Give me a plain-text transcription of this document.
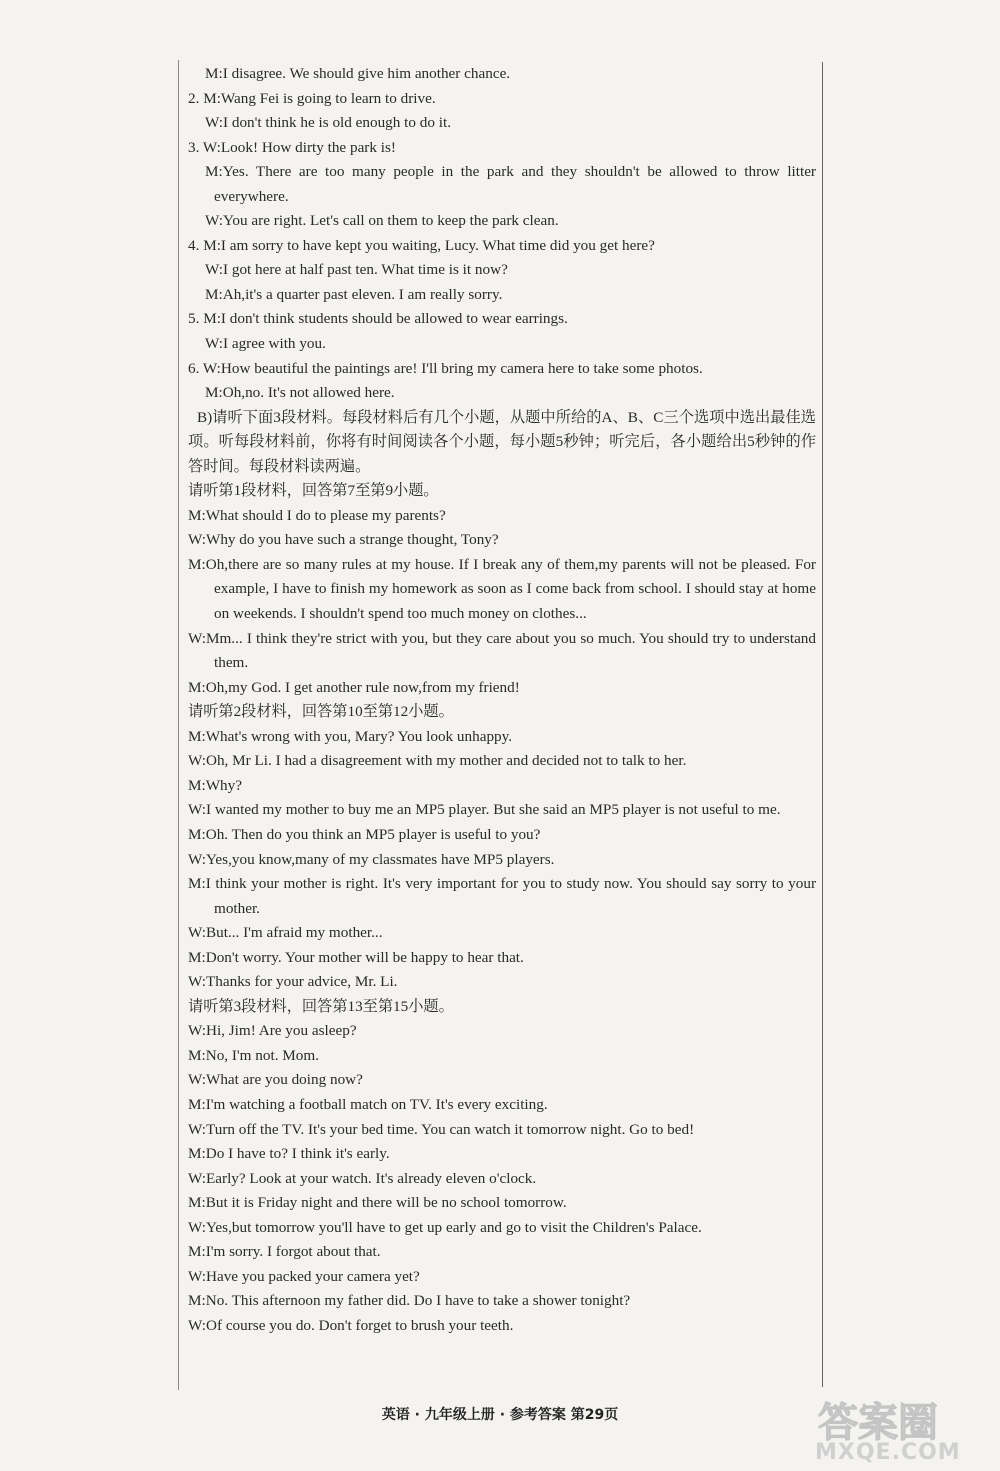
M:I disagree. We should give him another chance.
2. M:Wang Fei is going to learn to drive.
W:I don't think he is old enough to do it.
3. W:Look! How dirty the park is!
M:Yes. There are too many people in the park and they shouldn't be allowed to throw litter everywhere.
W:You are right. Let's call on them to keep the park clean.
4. M:I am sorry to have kept you waiting, Lucy. What time did you get here?
W:I got here at half past ten. What time is it now?
M:Ah,it's a quarter past eleven. I am really sorry.
5. M:I don't think students should be allowed to wear earrings.
W:I agree with you.
6. W:How beautiful the paintings are! I'll bring my camera here to take some photos.
M:Oh,no. It's not allowed here.
B)请听下面3段材料。每段材料后有几个小题，从题中所给的A、B、C三个选项中选出最佳选项。听每段材料前，你将有时间阅读各个小题，每小题5秒钟；听完后，各小题给出5秒钟的作答时间。每段材料读两遍。
请听第1段材料，回答第7至第9小题。
M:What should I do to please my parents?
W:Why do you have such a strange thought, Tony?
M:Oh,there are so many rules at my house. If I break any of them,my parents will not be pleased. For example, I have to finish my homework as soon as I come back from school. I should stay at home on weekends. I shouldn't spend too much money on clothes...
W:Mm... I think they're strict with you, but they care about you so much. You should try to understand them.
M:Oh,my God. I get another rule now,from my friend!
请听第2段材料，回答第10至第12小题。
M:What's wrong with you, Mary? You look unhappy.
W:Oh, Mr Li. I had a disagreement with my mother and decided not to talk to her.
M:Why?
W:I wanted my mother to buy me an MP5 player. But she said an MP5 player is not useful to me.
M:Oh. Then do you think an MP5 player is useful to you?
W:Yes,you know,many of my classmates have MP5 players.
M:I think your mother is right. It's very important for you to study now. You should say sorry to your mother.
W:But... I'm afraid my mother...
M:Don't worry. Your mother will be happy to hear that.
W:Thanks for your advice, Mr. Li.
请听第3段材料，回答第13至第15小题。
W:Hi, Jim! Are you asleep?
M:No, I'm not. Mom.
W:What are you doing now?
M:I'm watching a football match on TV. It's every exciting.
W:Turn off the TV. It's your bed time. You can watch it tomorrow night. Go to bed!
M:Do I have to? I think it's early.
W:Early? Look at your watch. It's already eleven o'clock.
M:But it is Friday night and there will be no school tomorrow.
W:Yes,but tomorrow you'll have to get up early and go to visit the Children's Palace.
M:I'm sorry. I forgot about that.
W:Have you packed your camera yet?
M:No. This afternoon my father did. Do I have to take a shower tonight?
W:Of course you do. Don't forget to brush your teeth.
英语 · 九年级上册 · 参考答案 第29页	答案圈
MXQE.COM
